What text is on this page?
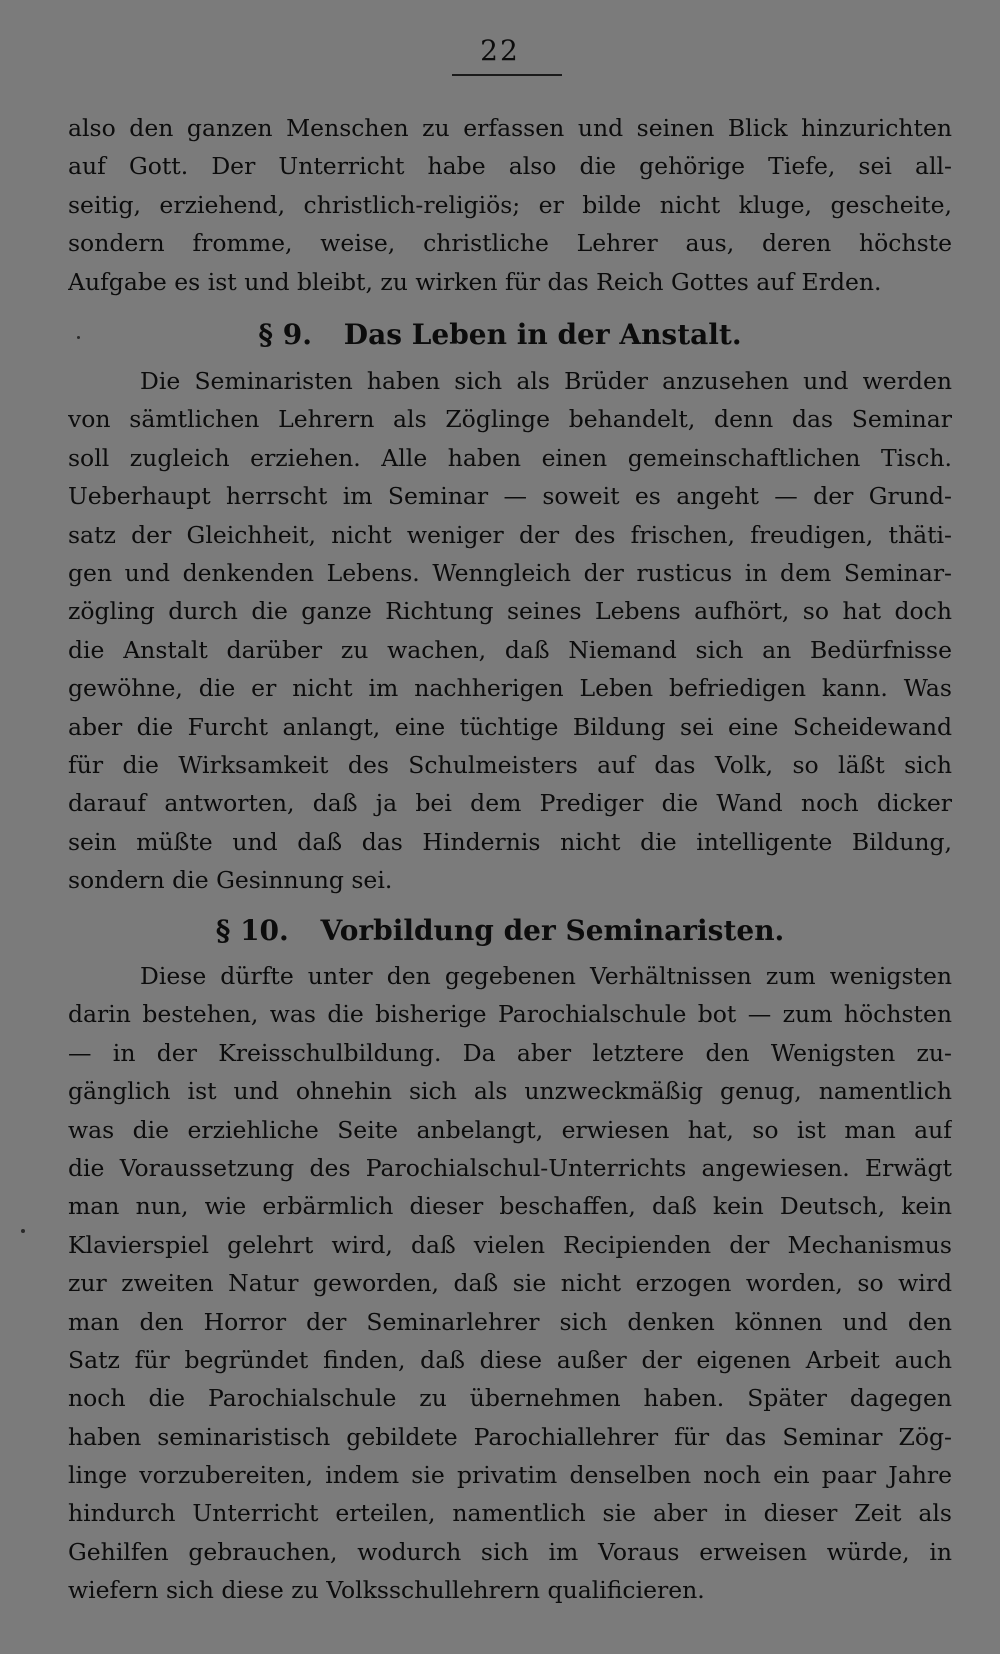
22
also den ganzen Menschen zu erfassen und seinen Blick hinzurichten
auf Gott. Der Unterricht habe also die gehörige Tiefe, sei all-
seitig, erziehend, christlich-religiös; er bilde nicht kluge, gescheite,
sondern fromme, weise, christliche Lehrer aus, deren höchste
Aufgabe es ist und bleibt, zu wirken für das Reich Gottes auf Erden.
§ 9. Das Leben in der Anstalt.
Die Seminaristen haben sich als Brüder anzusehen und werden
von sämtlichen Lehrern als Zöglinge behandelt, denn das Seminar
soll zugleich erziehen. Alle haben einen gemeinschaftlichen Tisch.
Ueberhaupt herrscht im Seminar — soweit es angeht — der Grund-
satz der Gleichheit, nicht weniger der des frischen, freudigen, thäti-
gen und denkenden Lebens. Wenngleich der rusticus in dem Seminar-
zögling durch die ganze Richtung seines Lebens aufhört, so hat doch
die Anstalt darüber zu wachen, daß Niemand sich an Bedürfnisse
gewöhne, die er nicht im nachherigen Leben befriedigen kann. Was
aber die Furcht anlangt, eine tüchtige Bildung sei eine Scheidewand
für die Wirksamkeit des Schulmeisters auf das Volk, so läßt sich
darauf antworten, daß ja bei dem Prediger die Wand noch dicker
sein müßte und daß das Hindernis nicht die intelligente Bildung,
sondern die Gesinnung sei.
§ 10. Vorbildung der Seminaristen.
Diese dürfte unter den gegebenen Verhältnissen zum wenigsten
darin bestehen, was die bisherige Parochialschule bot — zum höchsten
— in der Kreisschulbildung. Da aber letztere den Wenigsten zu-
gänglich ist und ohnehin sich als unzweckmäßig genug, namentlich
was die erziehliche Seite anbelangt, erwiesen hat, so ist man auf
die Voraussetzung des Parochialschul-Unterrichts angewiesen. Erwägt
man nun, wie erbärmlich dieser beschaffen, daß kein Deutsch, kein
Klavierspiel gelehrt wird, daß vielen Recipienden der Mechanismus
zur zweiten Natur geworden, daß sie nicht erzogen worden, so wird
man den Horror der Seminarlehrer sich denken können und den
Satz für begründet finden, daß diese außer der eigenen Arbeit auch
noch die Parochialschule zu übernehmen haben. Später dagegen
haben seminaristisch gebildete Parochiallehrer für das Seminar Zög-
linge vorzubereiten, indem sie privatim denselben noch ein paar Jahre
hindurch Unterricht erteilen, namentlich sie aber in dieser Zeit als
Gehilfen gebrauchen, wodurch sich im Voraus erweisen würde, in
wiefern sich diese zu Volksschullehrern qualificieren.
